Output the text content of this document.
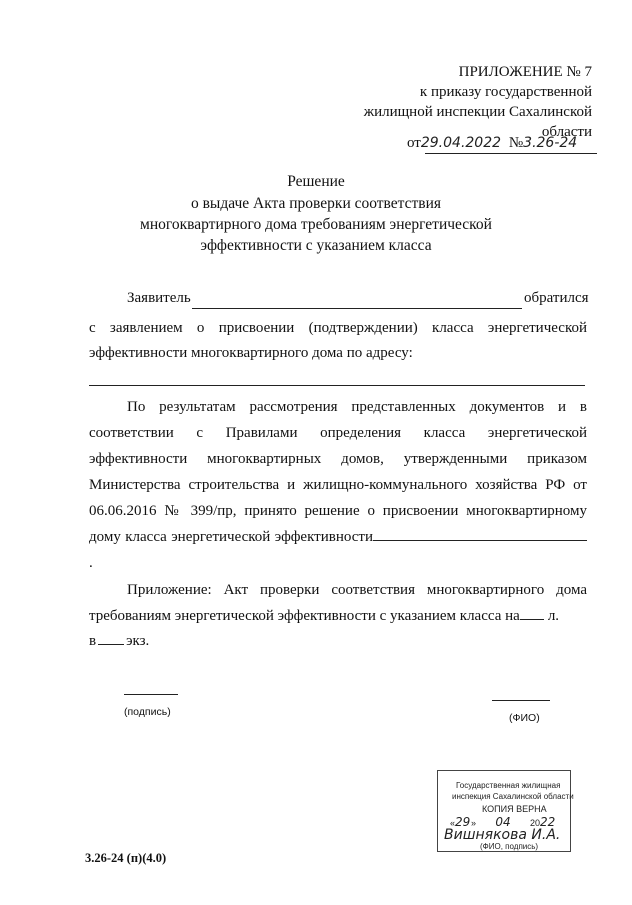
ПРИЛОЖЕНИЕ № 7
к приказу государственной
жилищной инспекции Сахалинской
области
от29.04.2022 №3.26-24
Решение
о выдаче Акта проверки соответствия
многоквартирного дома требованиям энергетической
эффективности с указанием класса
Заявитель	обратился
с заявлением о присвоении (подтверждении) класса энергетической
эффективности многоквартирного дома по адресу:
По результатам рассмотрения представленных документов и в
соответствии с Правилами определения класса энергетической
эффективности многоквартирных домов, утвержденными приказом
Министерства строительства и жилищно-коммунального хозяйства РФ от
06.06.2016 № 399/пр, принято решение о присвоении многоквартирному
дому класса энергетической эффективности.
Приложение: Акт проверки соответствия многоквартирного дома
требованиям энергетической эффективности с указанием класса на л.
в экз.
(подпись)	(ФИО)
Государственная жилищная
инспекция Сахалинской области
КОПИЯ ВЕРНА
«29» 04 2022
Вишнякова И.А.
(ФИО, подпись)
3.26-24 (п)(4.0)
